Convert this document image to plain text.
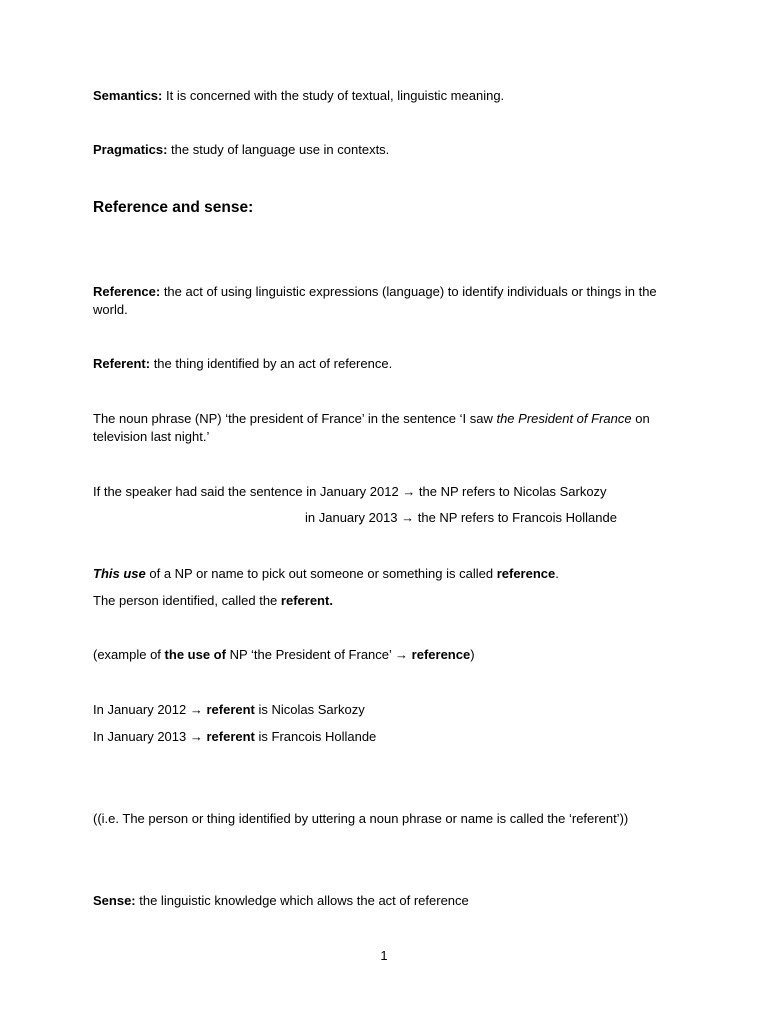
Semantics: It is concerned with the study of textual, linguistic meaning.
Pragmatics: the study of language use in contexts.
Reference and sense:
Reference: the act of using linguistic expressions (language) to identify individuals or things in the world.
Referent: the thing identified by an act of reference.
The noun phrase (NP) ‘the president of France’ in the sentence ‘I saw the President of France on television last night.’
If the speaker had said the sentence in January 2012 → the NP refers to Nicolas Sarkozy
in January 2013 → the NP refers to Francois Hollande
This use of a NP or name to pick out someone or something is called reference.
The person identified, called the referent.
(example of the use of NP ‘the President of France’ → reference)
In January 2012 → referent is Nicolas Sarkozy
In January 2013 → referent is Francois Hollande
((i.e. The person or thing identified by uttering a noun phrase or name is called the ‘referent’))
Sense: the linguistic knowledge which allows the act of reference
1
